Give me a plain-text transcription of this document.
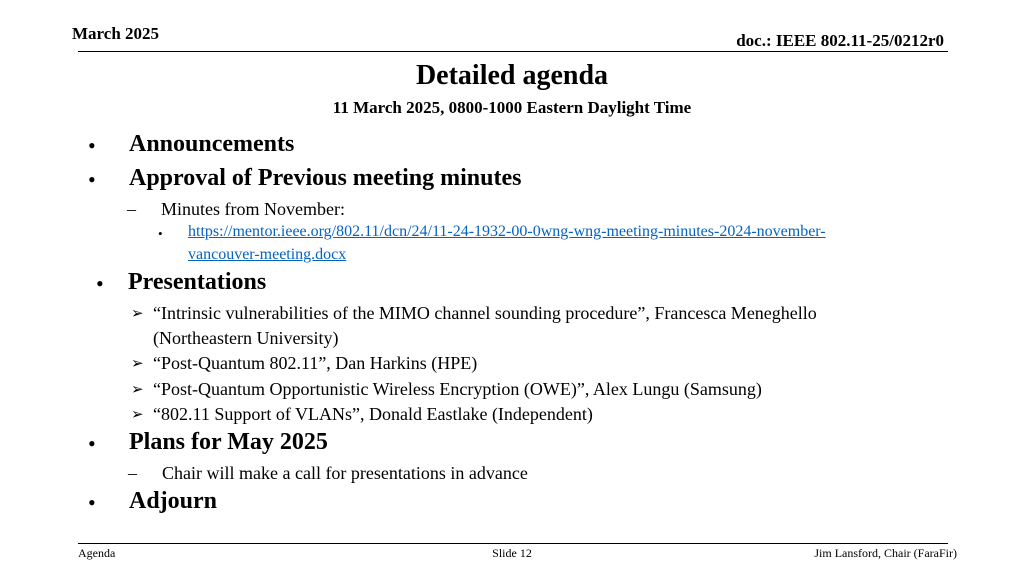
March 2025	doc.: IEEE 802.11-25/0212r0
Detailed agenda
11 March 2025, 0800-1000 Eastern Daylight Time
• Announcements
• Approval of Previous meeting minutes
– Minutes from November:
• https://mentor.ieee.org/802.11/dcn/24/11-24-1932-00-0wng-wng-meeting-minutes-2024-november-
vancouver-meeting.docx
• Presentations
➢ “Intrinsic vulnerabilities of the MIMO channel sounding procedure”, Francesca Meneghello
(Northeastern University)
➢ “Post-Quantum 802.11”, Dan Harkins (HPE)
➢ “Post-Quantum Opportunistic Wireless Encryption (OWE)”, Alex Lungu (Samsung)
➢ “802.11 Support of VLANs”, Donald Eastlake (Independent)
• Plans for May 2025
– Chair will make a call for presentations in advance
• Adjourn
Agenda	Slide 12	Jim Lansford, Chair (FaraFir)
